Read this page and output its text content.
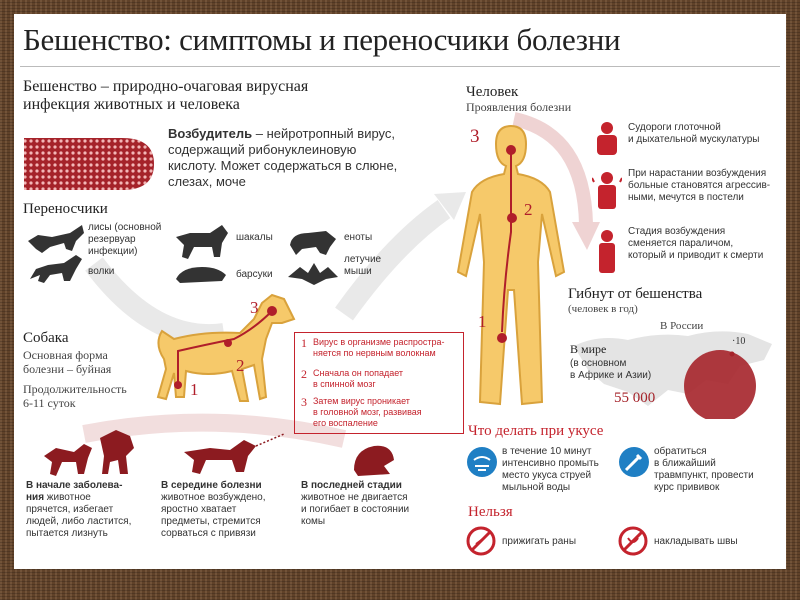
Бешенство: симптомы и переносчики болезни
Бешенство – природно-очаговая вирусная
инфекция животных и человека
Возбудитель – нейротропный вирус,
содержащий рибонуклеиновую
кислоту. Может содержаться в слюне,
слезах, моче
Переносчики
лисы (основной
резервуар
инфекции)
волки
шакалы
барсуки
еноты
летучие
мыши
Собака
Основная форма
болезни – буйная
Продолжительность
6-11 суток
3
2
1
1 Вирус в организме распростра-
няется по нервным волокнам
2 Сначала он попадает
в спинной мозг
3 Затем вирус проникает
в головной мозг, развивая
его воспаление
В начале заболева-
ния животное
прячется, избегает
людей, либо ластится,
пытается лизнуть
В середине болезни
животное возбуждено,
яростно хватает
предметы, стремится
сорваться с привязи
В последней стадии
животное не двигается
и погибает в состоянии
комы
Человек
Проявления болезни
3
2
1
Судороги глоточной
и дыхательной мускулатуры
При нарастании возбуждения
больные становятся агрессив-
ными, мечутся в постели
Стадия возбуждения
сменяется параличом,
который и приводит к смерти
Гибнут от бешенства
(человек в год)
В России
·10
В мире
(в основном
в Африке и Азии)
55 000
Что делать при укусе
в течение 10 минут
интенсивно промыть
место укуса струей
мыльной воды
обратиться
в ближайший
травмпункт, провести
курс прививок
Нельзя
прижигать раны	накладывать швы
